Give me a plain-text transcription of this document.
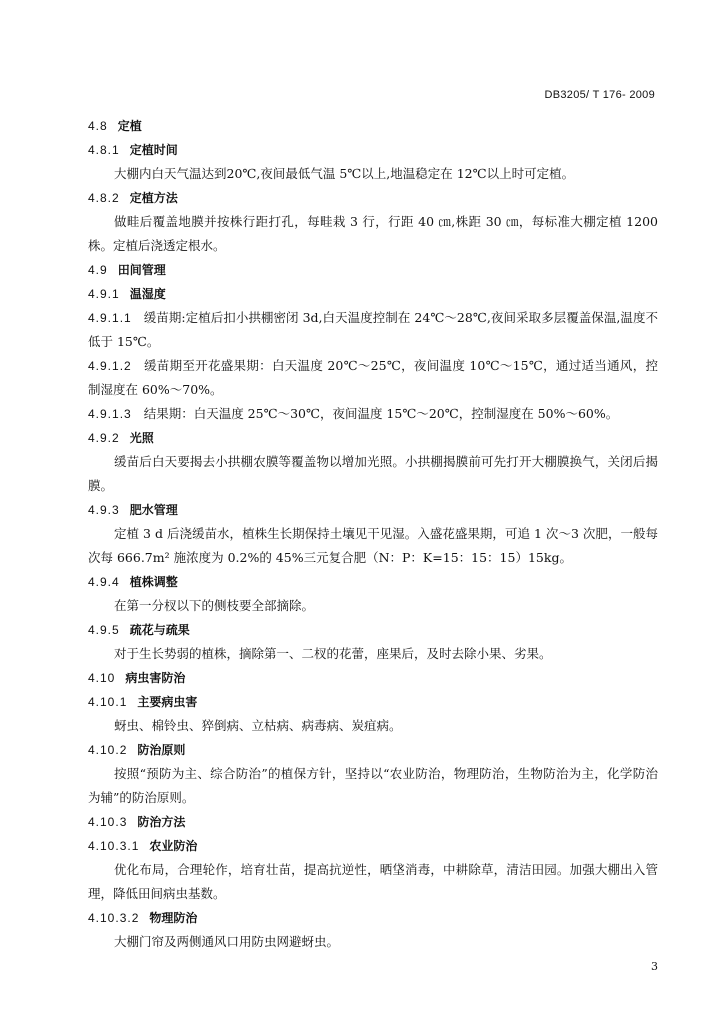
DB3205/ T 176- 2009
4.8 定植
4.8.1 定植时间
大棚内白天气温达到20℃,夜间最低气温 5℃以上,地温稳定在 12℃以上时可定植。
4.8.2 定植方法
做畦后覆盖地膜并按株行距打孔，每畦栽 3 行，行距 40 ㎝,株距 30 ㎝，每标准大棚定植 1200 株。定植后浇透定根水。
4.9 田间管理
4.9.1 温湿度
4.9.1.1 缓苗期:定植后扣小拱棚密闭 3d,白天温度控制在 24℃～28℃,夜间采取多层覆盖保温,温度不低于 15℃。
4.9.1.2 缓苗期至开花盛果期：白天温度 20℃～25℃，夜间温度 10℃～15℃，通过适当通风，控制湿度在 60%～70%。
4.9.1.3 结果期：白天温度 25℃～30℃，夜间温度 15℃～20℃，控制湿度在 50%～60%。
4.9.2 光照
缓苗后白天要揭去小拱棚农膜等覆盖物以增加光照。小拱棚揭膜前可先打开大棚膜换气，关闭后揭膜。
4.9.3 肥水管理
定植 3 d 后浇缓苗水，植株生长期保持土壤见干见湿。入盛花盛果期，可追 1 次～3 次肥，一般每次每 666.7m² 施浓度为 0.2%的 45%三元复合肥（N：P：K=15：15：15）15kg。
4.9.4 植株调整
在第一分杈以下的侧枝要全部摘除。
4.9.5 疏花与疏果
对于生长势弱的植株，摘除第一、二杈的花蕾，座果后，及时去除小果、劣果。
4.10 病虫害防治
4.10.1 主要病虫害
蚜虫、棉铃虫、猝倒病、立枯病、病毒病、炭疽病。
4.10.2 防治原则
按照“预防为主、综合防治”的植保方针，坚持以“农业防治，物理防治，生物防治为主，化学防治为辅”的防治原则。
4.10.3 防治方法
4.10.3.1 农业防治
优化布局，合理轮作，培育壮苗，提高抗逆性，晒垡消毒，中耕除草，清洁田园。加强大棚出入管理，降低田间病虫基数。
4.10.3.2 物理防治
大棚门帘及两侧通风口用防虫网避蚜虫。
3
